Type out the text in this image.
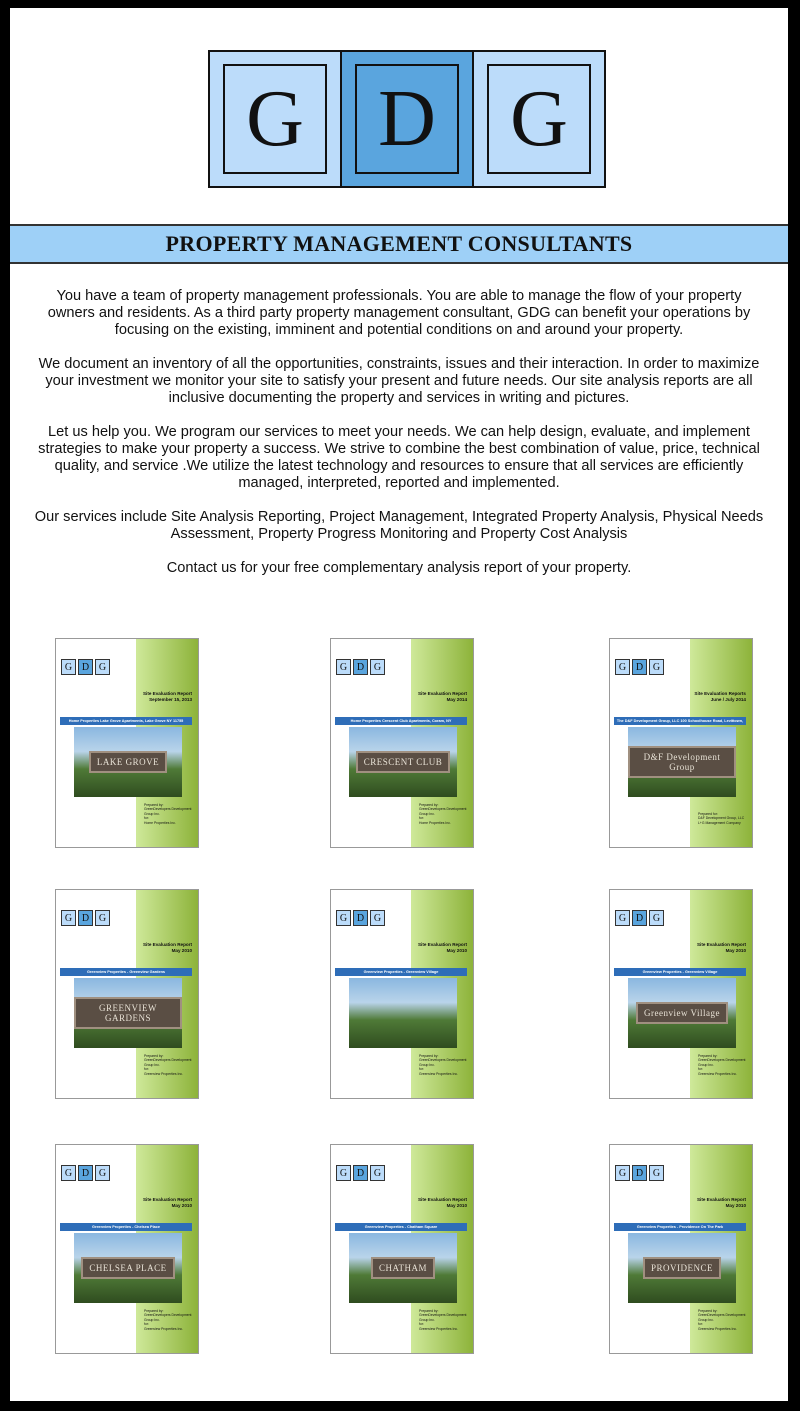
G D G
PROPERTY MANAGEMENT CONSULTANTS

You have a team of property management professionals. You are able to manage the flow of your property owners and residents. As a third party property management consultant, GDG can benefit your operations by focusing on the existing, imminent and potential conditions on and around your property.

We document an inventory of all the opportunities, constraints, issues and their interaction. In order to maximize your investment we monitor your site to satisfy your present and future needs. Our site analysis reports are all inclusive documenting the property and services in writing and pictures.

Let us help you. We program our services to meet your needs. We can help design, evaluate, and implement strategies to make your property a success. We strive to combine the best combination of value, price, technical quality, and service .We utilize the latest technology and resources to ensure that all services are efficiently managed, interpreted, reported and implemented.

Our services include Site Analysis Reporting, Project Management, Integrated Property Analysis, Physical Needs Assessment, Property Progress Monitoring and Property Cost Analysis

Contact us for your free complementary analysis report of your property.

G D G
Site Evaluation Report
September 15, 2013
Home Properties Lake Grove Apartments, Lake Grove NY 11755
LAKE GROVE
Prepared by:
GreenDevelopers Development Group Inc.
for:
Home Properties Inc.
G D G
Site Evaluation Report
May 2014
Home Properties Crescent Club Apartments, Coram, NY
CRESCENT CLUB
Prepared by:
GreenDevelopers Development Group Inc.
for:
Home Properties Inc.
G D G
Site Evaluation Reports
June / July 2014
The D&F Development Group, LLC 100 Schoolhouse Road, Levittown,
D&F Development Group
Prepared for:
D&F Development Group, LLC
L+G Management Company
G D G
Site Evaluation Report
May 2010
Greenview Properties - Greenview Gardens
GREENVIEW GARDENS
Prepared by:
GreenDevelopers Development Group Inc.
for:
Greenview Properties Inc.
G D G
Site Evaluation Report
May 2010
Greenview Properties - Greenview Village
Prepared by:
GreenDevelopers Development Group Inc.
for:
Greenview Properties Inc.
G D G
Site Evaluation Report
May 2010
Greenview Properties - Greenview Village
Greenview Village
Prepared by:
GreenDevelopers Development Group Inc.
for:
Greenview Properties Inc.
G D G
Site Evaluation Report
May 2010
Greenview Properties - Chelsea Place
CHELSEA PLACE
Prepared by:
GreenDevelopers Development Group Inc.
for:
Greenview Properties Inc.
G D G
Site Evaluation Report
May 2010
Greenview Properties - Chatham Square
CHATHAM
Prepared by:
GreenDevelopers Development Group Inc.
for:
Greenview Properties Inc.
G D G
Site Evaluation Report
May 2010
Greenview Properties - Providence On The Park
PROVIDENCE
Prepared by:
GreenDevelopers Development Group Inc.
for:
Greenview Properties Inc.
